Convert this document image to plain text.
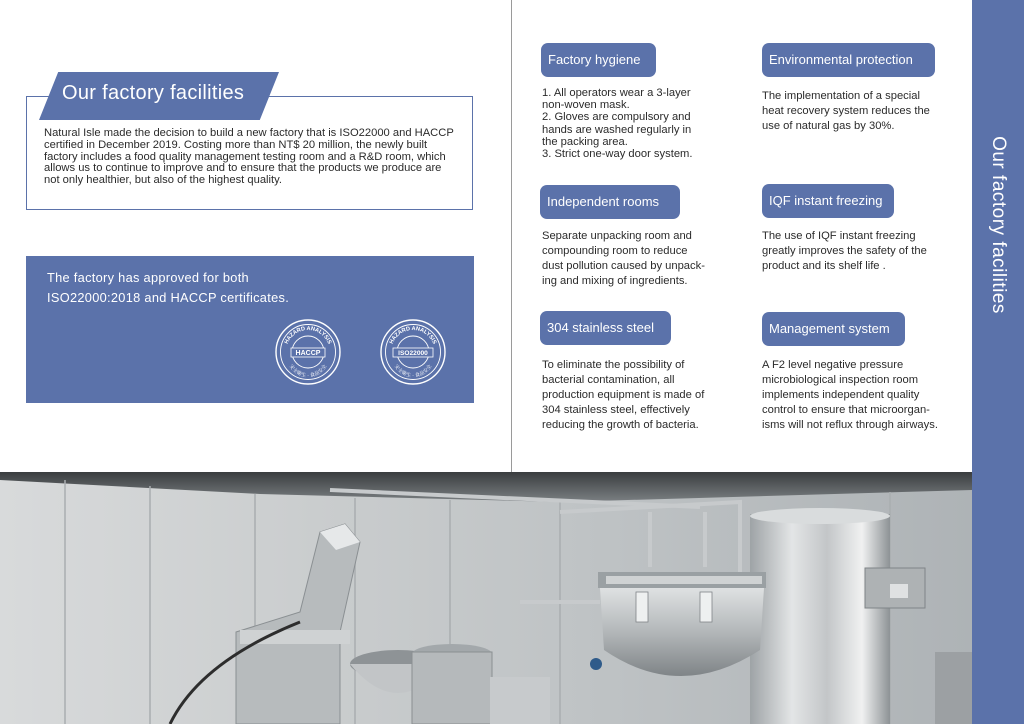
Our factory facilities
Natural Isle made the decision to build a new factory that is ISO22000 and HACCP certified in December 2019. Costing more than NT$ 20 million, the newly built factory includes a food quality management testing room and a R&D room, which allows us to continue to improve and to ensure that the products we produce are not only healthier, but also of the highest quality.
The factory has approved for both
ISO22000:2018 and HACCP certificates.
HAZARD ANALYSIS
安全衛生 · 食品安全
HACCP
HAZARD ANALYSIS
安全衛生 · 食品安全
ISO22000
Factory hygiene
1. All operators wear a 3-layer
non-woven mask.
2. Gloves are compulsory and
hands are washed regularly in
the packing area.
3. Strict one-way door system.
Environmental protection
The implementation of a special
heat recovery system reduces the
use of natural gas by 30%.
Independent rooms
Separate unpacking room and
compounding room to reduce
dust pollution caused by unpack-
ing and mixing of ingredients.
IQF instant freezing
The use of IQF instant freezing
greatly improves the safety of the
product and its shelf life .
304 stainless steel
To eliminate the possibility of
bacterial contamination, all
production equipment is made of
304 stainless steel, effectively
reducing the growth of bacteria.
Management system
A F2 level negative pressure
microbiological inspection room
implements independent quality
control to ensure that microorgan-
isms will not reflux through airways.
Our factory facilities
